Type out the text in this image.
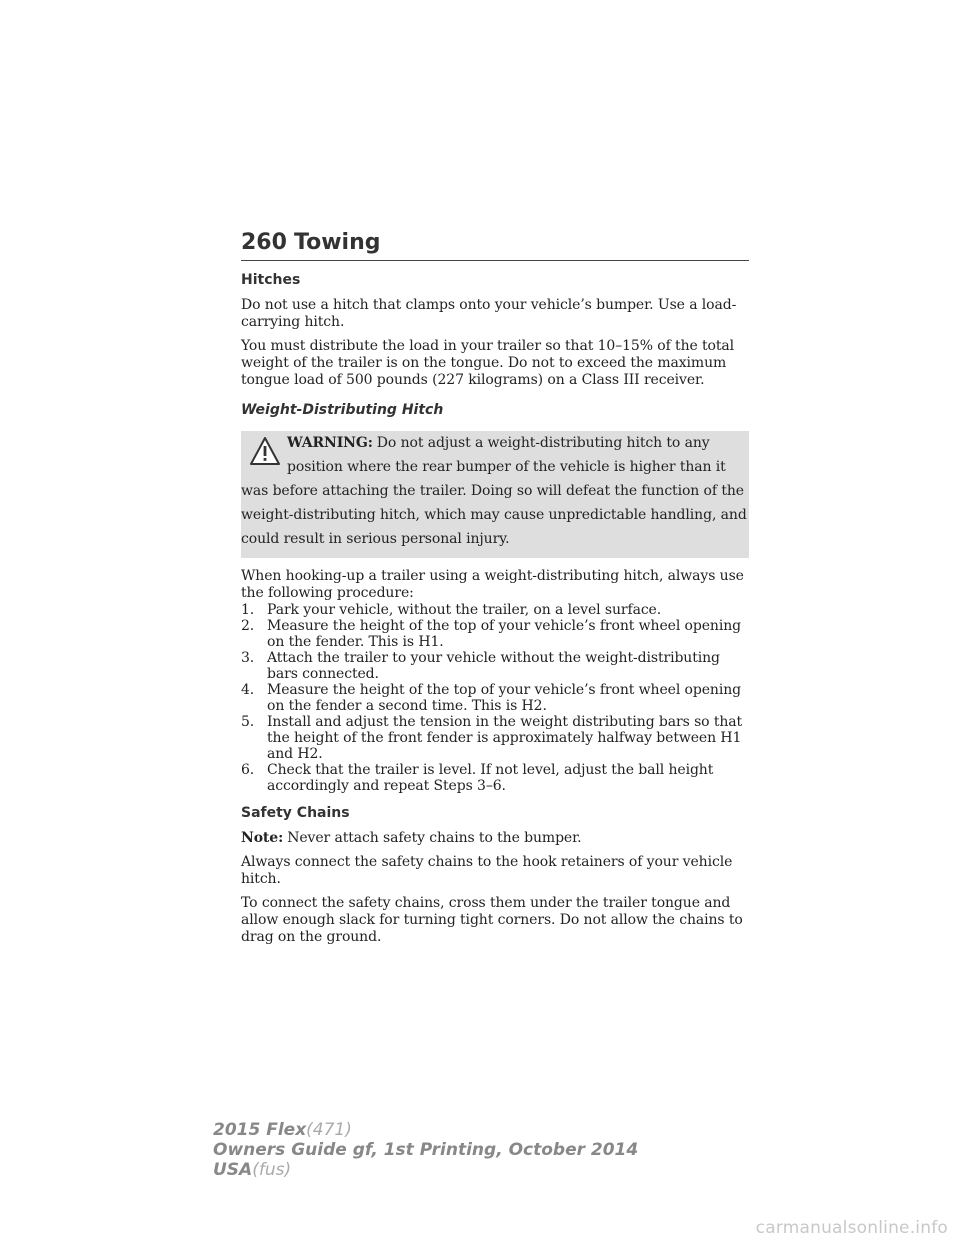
260 Towing
Hitches

Do not use a hitch that clamps onto your vehicle’s bumper. Use a load-carrying hitch.

You must distribute the load in your trailer so that 10–15% of the total weight of the trailer is on the tongue. Do not to exceed the maximum tongue load of 500 pounds (227 kilograms) on a Class III receiver.

Weight-Distributing Hitch
WARNING: Do not adjust a weight-distributing hitch to any
position where the rear bumper of the vehicle is higher than it
was before attaching the trailer. Doing so will defeat the function of the weight-distributing hitch, which may cause unpredictable handling, and could result in serious personal injury.

When hooking-up a trailer using a weight-distributing hitch, always use the following procedure:

1. Park your vehicle, without the trailer, on a level surface.
2. Measure the height of the top of your vehicle’s front wheel opening on the fender. This is H1.
3. Attach the trailer to your vehicle without the weight-distributing bars connected.
4. Measure the height of the top of your vehicle’s front wheel opening on the fender a second time. This is H2.
5. Install and adjust the tension in the weight distributing bars so that the height of the front fender is approximately halfway between H1 and H2.
6. Check that the trailer is level. If not level, adjust the ball height accordingly and repeat Steps 3–6.
Safety Chains

Note: Never attach safety chains to the bumper.

Always connect the safety chains to the hook retainers of your vehicle hitch.

To connect the safety chains, cross them under the trailer tongue and allow enough slack for turning tight corners. Do not allow the chains to drag on the ground.

2015 Flex(471)
Owners Guide gf, 1st Printing, October 2014
USA(fus)
carmanualsonline.info
